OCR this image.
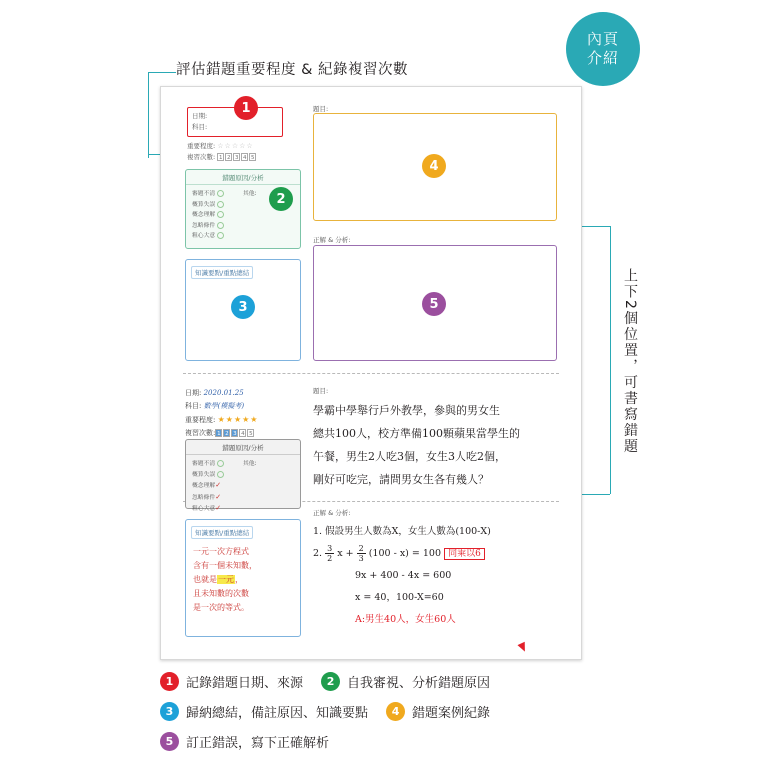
內頁
介紹
評估錯題重要程度 & 紀錄複習次數
上下2個位置，可書寫錯題
日期:
科目:
重要程度: ☆☆☆☆☆
複習次數: 1 2 3 4 5
錯題原因/分析
審題不清
概算失誤
概念理解
忽略條件
粗心大意
其他:
知識要點/重點總結
題目:
正解 & 分析:
1
2
3
4
5
日期: 2020.01.25
科目: 數學(模擬考)
重要程度: ★★★★★
複習次數: 1 2 3 4 5
錯題原因/分析
審題不清
概算失誤
概念理解✓
忽略條件✓
粗心大意✓
其他:
知識要點/重點總結
一元一次方程式
含有一個未知數，
也就是一元，
且未知數的次數
是一次的等式。
題目:
學霸中學舉行戶外教學，參與的男女生
總共100人，校方準備100顆蘋果當學生的
午餐，男生2人吃3個，女生3人吃2個，
剛好可吃完，請問男女生各有幾人？
正解 & 分析:
1. 假設男生人數為X，女生人數為(100-X)
2. $\frac{3}{2}$ $x + \frac{2}{3} (100 - x) = 100$ 同乘以6
9x + 400 - 4x = 600
x = 40，100-X=60
A:男生40人，女生60人
1 記錄錯題日期、來源	2 自我審視、分析錯題原因
3 歸納總結，備註原因、知識要點	4 錯題案例紀錄
5 訂正錯誤，寫下正確解析
